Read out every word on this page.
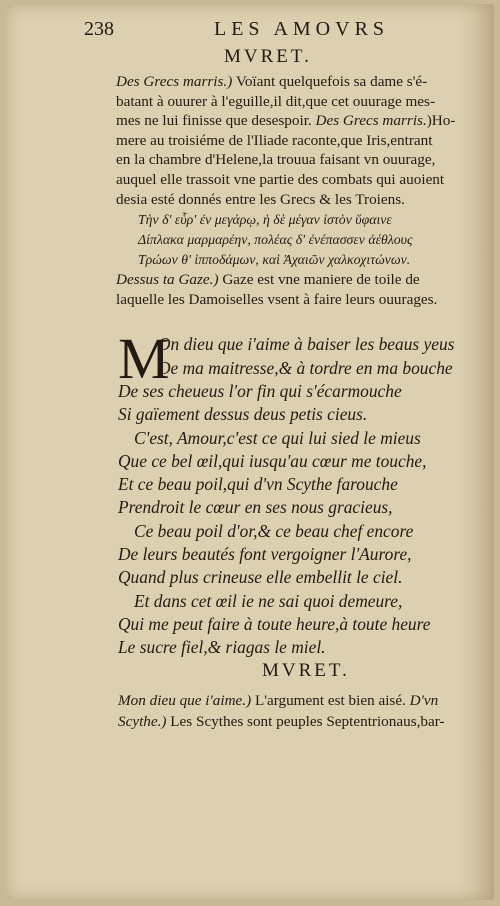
238	LES AMOVRS
MVRET.
Des Grecs marris.) Voïant quelquefois sa dame s'é-
batant à ouurer à l'eguille,il dit,que cet ouurage mes-
mes ne lui finisse que desespoir. Des Grecs marris.)Ho-
mere au troisiéme de l'Iliade raconte,que Iris,entrant
en la chambre d'Helene,la trouua faisant vn ouurage,
auquel elle trassoit vne partie des combats qui auoient
desia esté donnés entre les Grecs & les Troiens.
Τὴν δ' εὗρ' ἐν μεγάρῳ, ἡ δὲ μέγαν ἱστὸν ὕφαινε
Δίπλακα μαρμαρέην, πολέας δ' ἐνέπασσεν ἀέθλους
Τρώων θ' ἱπποδάμων, καὶ Ἀχαιῶν χαλκοχιτώνων.
Dessus ta Gaze.) Gaze est vne maniere de toile de
laquelle les Damoiselles vsent à faire leurs ouurages.
M
On dieu que i'aime à baiser les beaus yeus
De ma maitresse,& à tordre en ma bouche
De ses cheueus l'or fin qui s'écarmouche
Si gaïement dessus deus petis cieus.
C'est, Amour,c'est ce qui lui sied le mieus
Que ce bel œil,qui iusqu'au cœur me touche,
Et ce beau poil,qui d'vn Scythe farouche
Prendroit le cœur en ses nous gracieus,
Ce beau poil d'or,& ce beau chef encore
De leurs beautés font vergoigner l'Aurore,
Quand plus crineuse elle embellit le ciel.
Et dans cet œil ie ne sai quoi demeure,
Qui me peut faire à toute heure,à toute heure
Le sucre fiel,& riagas le miel.
MVRET.
Mon dieu que i'aime.) L'argument est bien aisé. D'vn
Scythe.) Les Scythes sont peuples Septentrionaus,bar-
